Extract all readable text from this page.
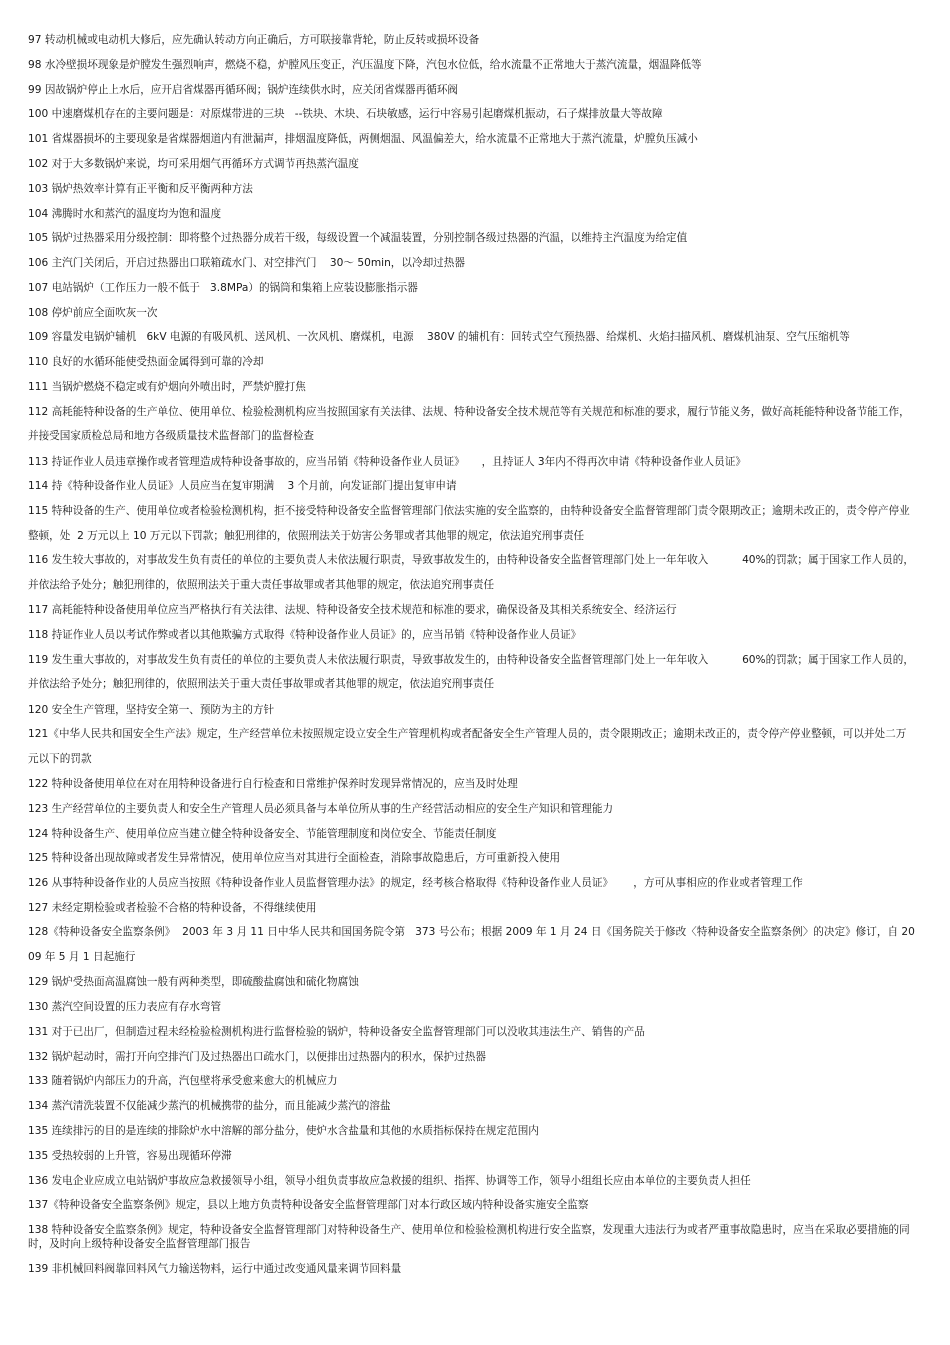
97 转动机械或电动机大修后，应先确认转动方向正确后，方可联接靠背轮，防止反转或损坏设备
98 水冷壁损坏现象是炉膛发生强烈响声，燃烧不稳，炉膛风压变正，汽压温度下降，汽包水位低，给水流量不正常地大于蒸汽流量，烟温降低等
99 因故锅炉停止上水后，应开启省煤器再循环阀；锅炉连续供水时，应关闭省煤器再循环阀
100 中速磨煤机存在的主要问题是：对原煤带进的三块   --铁块、木块、石块敏感，运行中容易引起磨煤机振动，石子煤排放量大等故障
101 省煤器损坏的主要现象是省煤器烟道内有泄漏声，排烟温度降低，两侧烟温、风温偏差大，给水流量不正常地大于蒸汽流量，炉膛负压减小
102 对于大多数锅炉来说，均可采用烟气再循环方式调节再热蒸汽温度
103 锅炉热效率计算有正平衡和反平衡两种方法
104 沸腾时水和蒸汽的温度均为饱和温度
105 锅炉过热器采用分级控制：即将整个过热器分成若干级，每级设置一个减温装置，分别控制各级过热器的汽温，以维持主汽温度为给定值
106 主汽门关闭后，开启过热器出口联箱疏水门、对空排汽门    30～ 50min，以冷却过热器
107 电站锅炉（工作压力一般不低于   3.8MPa）的锅筒和集箱上应装设膨胀指示器
108 停炉前应全面吹灰一次
109 容量发电锅炉辅机   6kV 电源的有吸风机、送风机、一次风机、磨煤机，电源    380V 的辅机有：回转式空气预热器、给煤机、火焰扫描风机、磨煤机油泵、空气压缩机等
110 良好的水循环能使受热面金属得到可靠的冷却
111 当锅炉燃烧不稳定或有炉烟向外喷出时，严禁炉膛打焦
112 高耗能特种设备的生产单位、使用单位、检验检测机构应当按照国家有关法律、法规、特种设备安全技术规范等有关规范和标准的要求，履行节能义务，做好高耗能特种设备节能工作，并接受国家质检总局和地方各级质量技术监督部门的监督检查
113 持证作业人员违章操作或者管理造成特种设备事故的，应当吊销《特种设备作业人员证》     ，且持证人 3年内不得再次申请《特种设备作业人员证》
114 持《特种设备作业人员证》人员应当在复审期满    3 个月前，向发证部门提出复审申请
115 特种设备的生产、使用单位或者检验检测机构，拒不接受特种设备安全监督管理部门依法实施的安全监察的，由特种设备安全监督管理部门责令限期改正；逾期未改正的，责令停产停业整顿，处  2 万元以上 10 万元以下罚款；触犯刑律的，依照刑法关于妨害公务罪或者其他罪的规定，依法追究刑事责任
116 发生较大事故的，对事故发生负有责任的单位的主要负责人未依法履行职责，导致事故发生的，由特种设备安全监督管理部门处上一年年收入          40%的罚款；属于国家工作人员的，并依法给予处分；触犯刑律的，依照刑法关于重大责任事故罪或者其他罪的规定，依法追究刑事责任
117 高耗能特种设备使用单位应当严格执行有关法律、法规、特种设备安全技术规范和标准的要求，确保设备及其相关系统安全、经济运行
118 持证作业人员以考试作弊或者以其他欺骗方式取得《特种设备作业人员证》的，应当吊销《特种设备作业人员证》
119 发生重大事故的，对事故发生负有责任的单位的主要负责人未依法履行职责，导致事故发生的，由特种设备安全监督管理部门处上一年年收入          60%的罚款；属于国家工作人员的，并依法给予处分；触犯刑律的，依照刑法关于重大责任事故罪或者其他罪的规定，依法追究刑事责任
120 安全生产管理，坚持安全第一、预防为主的方针
121《中华人民共和国安全生产法》规定，生产经营单位未按照规定设立安全生产管理机构或者配备安全生产管理人员的，责令限期改正；逾期未改正的，责令停产停业整顿，可以并处二万元以下的罚款
122 特种设备使用单位在对在用特种设备进行自行检查和日常维护保养时发现异常情况的，应当及时处理
123 生产经营单位的主要负责人和安全生产管理人员必须具备与本单位所从事的生产经营活动相应的安全生产知识和管理能力
124 特种设备生产、使用单位应当建立健全特种设备安全、节能管理制度和岗位安全、节能责任制度
125 特种设备出现故障或者发生异常情况，使用单位应当对其进行全面检查，消除事故隐患后，方可重新投入使用
126 从事特种设备作业的人员应当按照《特种设备作业人员监督管理办法》的规定，经考核合格取得《特种设备作业人员证》      ，方可从事相应的作业或者管理工作
127 未经定期检验或者检验不合格的特种设备，不得继续使用
128《特种设备安全监察条例》  2003 年 3 月 11 日中华人民共和国国务院令第   373 号公布；根据 2009 年 1 月 24 日《国务院关于修改〈特种设备安全监察条例〉的决定》修订，自 2009 年 5 月 1 日起施行
129 锅炉受热面高温腐蚀一般有两种类型，即硫酸盐腐蚀和硫化物腐蚀
130 蒸汽空间设置的压力表应有存水弯管
131 对于已出厂，但制造过程未经检验检测机构进行监督检验的锅炉，特种设备安全监督管理部门可以没收其违法生产、销售的产品
132 锅炉起动时，需打开向空排汽门及过热器出口疏水门，以便排出过热器内的积水，保护过热器
133 随着锅炉内部压力的升高，汽包壁将承受愈来愈大的机械应力
134 蒸汽清洗装置不仅能减少蒸汽的机械携带的盐分，而且能减少蒸汽的溶盐
135 连续排污的目的是连续的排除炉水中溶解的部分盐分，使炉水含盐量和其他的水质指标保持在规定范围内
135 受热较弱的上升管，容易出现循环停滞
136 发电企业应成立电站锅炉事故应急救援领导小组，领导小组负责事故应急救援的组织、指挥、协调等工作，领导小组组长应由本单位的主要负责人担任
137《特种设备安全监察条例》规定，县以上地方负责特种设备安全监督管理部门对本行政区域内特种设备实施安全监察
138 特种设备安全监察条例》规定，特种设备安全监督管理部门对特种设备生产、使用单位和检验检测机构进行安全监察，发现重大违法行为或者严重事故隐患时，应当在采取必要措施的同时，及时向上级特种设备安全监督管理部门报告
139 非机械回料阀靠回料风气力输送物料，运行中通过改变通风量来调节回料量
